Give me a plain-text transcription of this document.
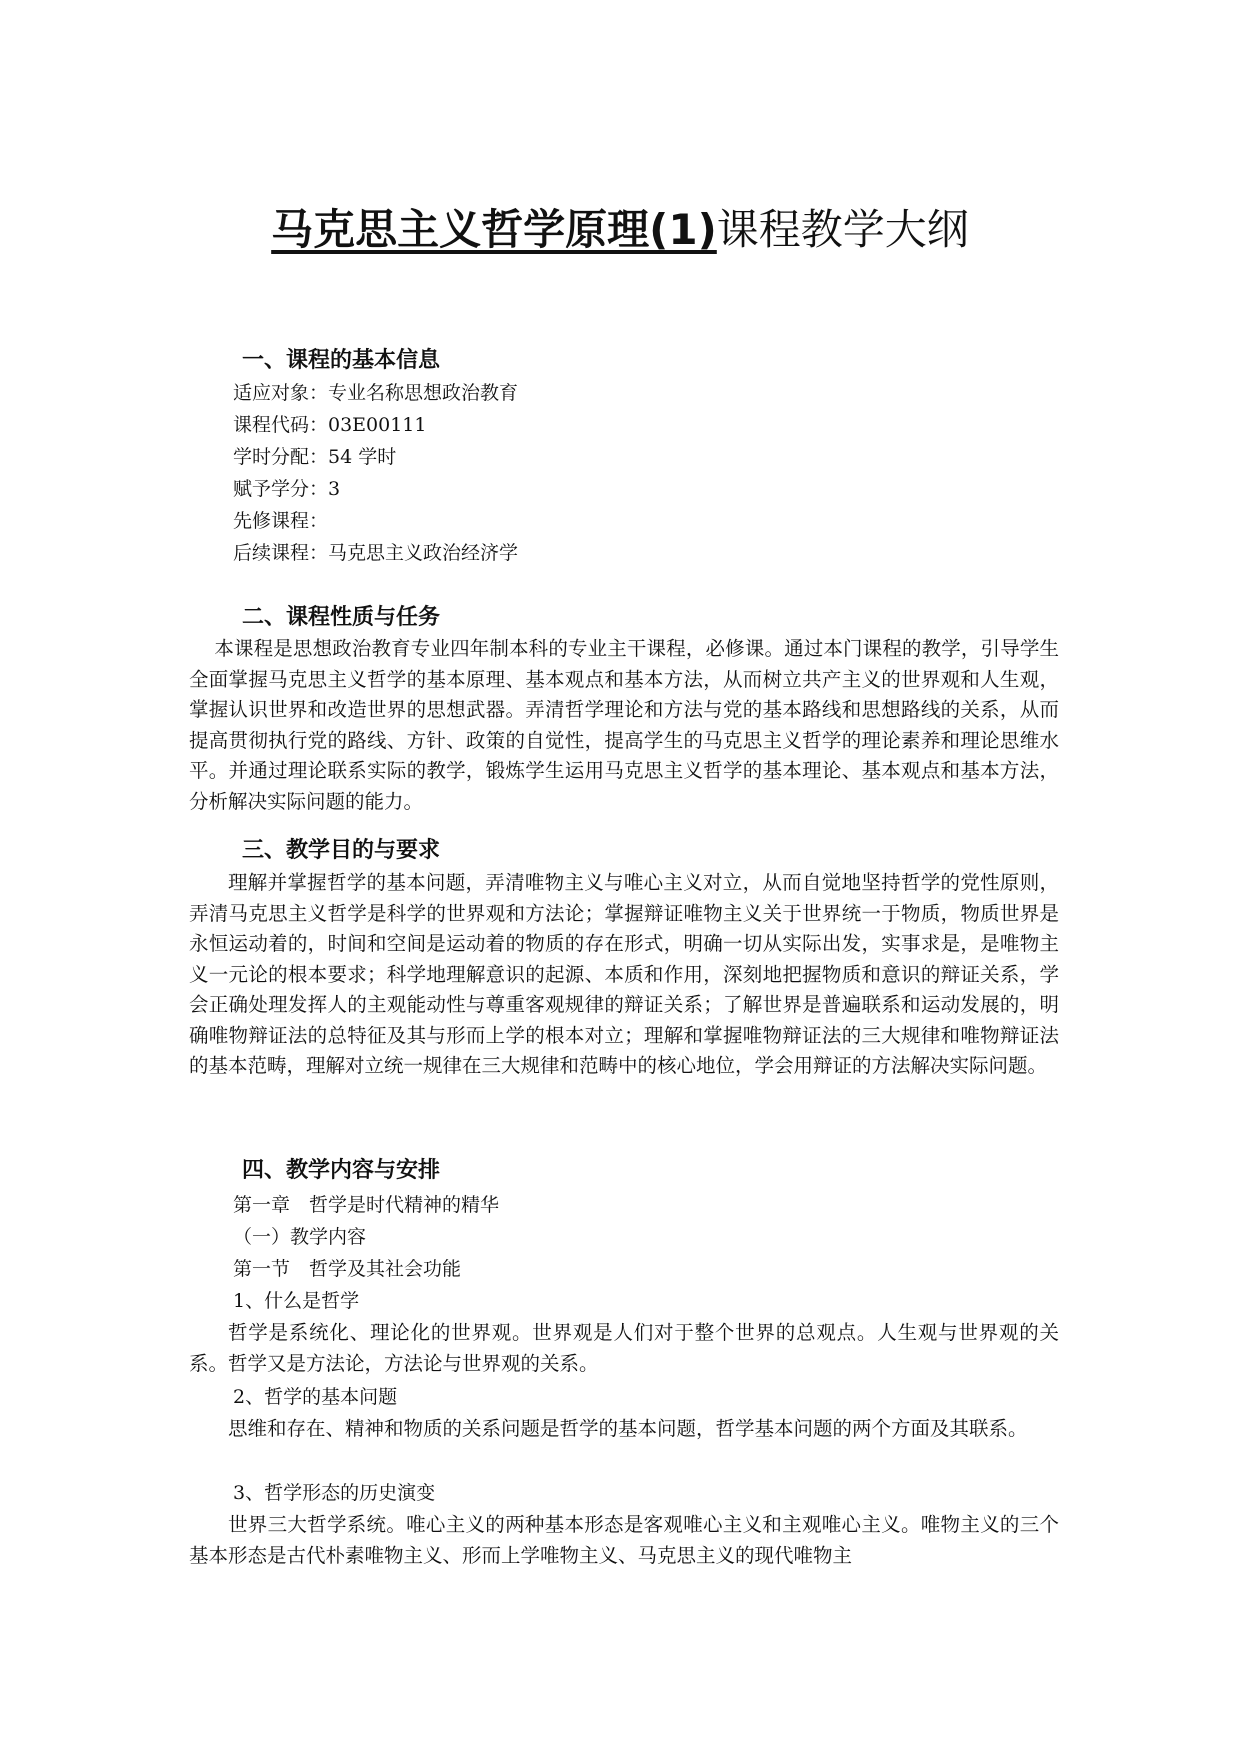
马克思主义哲学原理(1)课程教学大纲
一、课程的基本信息
适应对象：专业名称思想政治教育
课程代码：03E00111
学时分配：54 学时
赋予学分：3
先修课程：
后续课程：马克思主义政治经济学
二、课程性质与任务

本课程是思想政治教育专业四年制本科的专业主干课程，必修课。通过本门课程的教学，引导学生全面掌握马克思主义哲学的基本原理、基本观点和基本方法，从而树立共产主义的世界观和人生观，掌握认识世界和改造世界的思想武器。弄清哲学理论和方法与党的基本路线和思想路线的关系，从而提高贯彻执行党的路线、方针、政策的自觉性，提高学生的马克思主义哲学的理论素养和理论思维水平。并通过理论联系实际的教学，锻炼学生运用马克思主义哲学的基本理论、基本观点和基本方法，分析解决实际问题的能力。

三、教学目的与要求

理解并掌握哲学的基本问题，弄清唯物主义与唯心主义对立，从而自觉地坚持哲学的党性原则，弄清马克思主义哲学是科学的世界观和方法论；掌握辩证唯物主义关于世界统一于物质，物质世界是永恒运动着的，时间和空间是运动着的物质的存在形式，明确一切从实际出发，实事求是，是唯物主义一元论的根本要求；科学地理解意识的起源、本质和作用，深刻地把握物质和意识的辩证关系，学会正确处理发挥人的主观能动性与尊重客观规律的辩证关系；了解世界是普遍联系和运动发展的，明确唯物辩证法的总特征及其与形而上学的根本对立；理解和掌握唯物辩证法的三大规律和唯物辩证法的基本范畴，理解对立统一规律在三大规律和范畴中的核心地位，学会用辩证的方法解决实际问题。

四、教学内容与安排
第一章　哲学是时代精神的精华
（一）教学内容
第一节　哲学及其社会功能
1、什么是哲学

哲学是系统化、理论化的世界观。世界观是人们对于整个世界的总观点。人生观与世界观的关系。哲学又是方法论，方法论与世界观的关系。

2、哲学的基本问题

思维和存在、精神和物质的关系问题是哲学的基本问题，哲学基本问题的两个方面及其联系。

3、哲学形态的历史演变

世界三大哲学系统。唯心主义的两种基本形态是客观唯心主义和主观唯心主义。唯物主义的三个基本形态是古代朴素唯物主义、形而上学唯物主义、马克思主义的现代唯物主
